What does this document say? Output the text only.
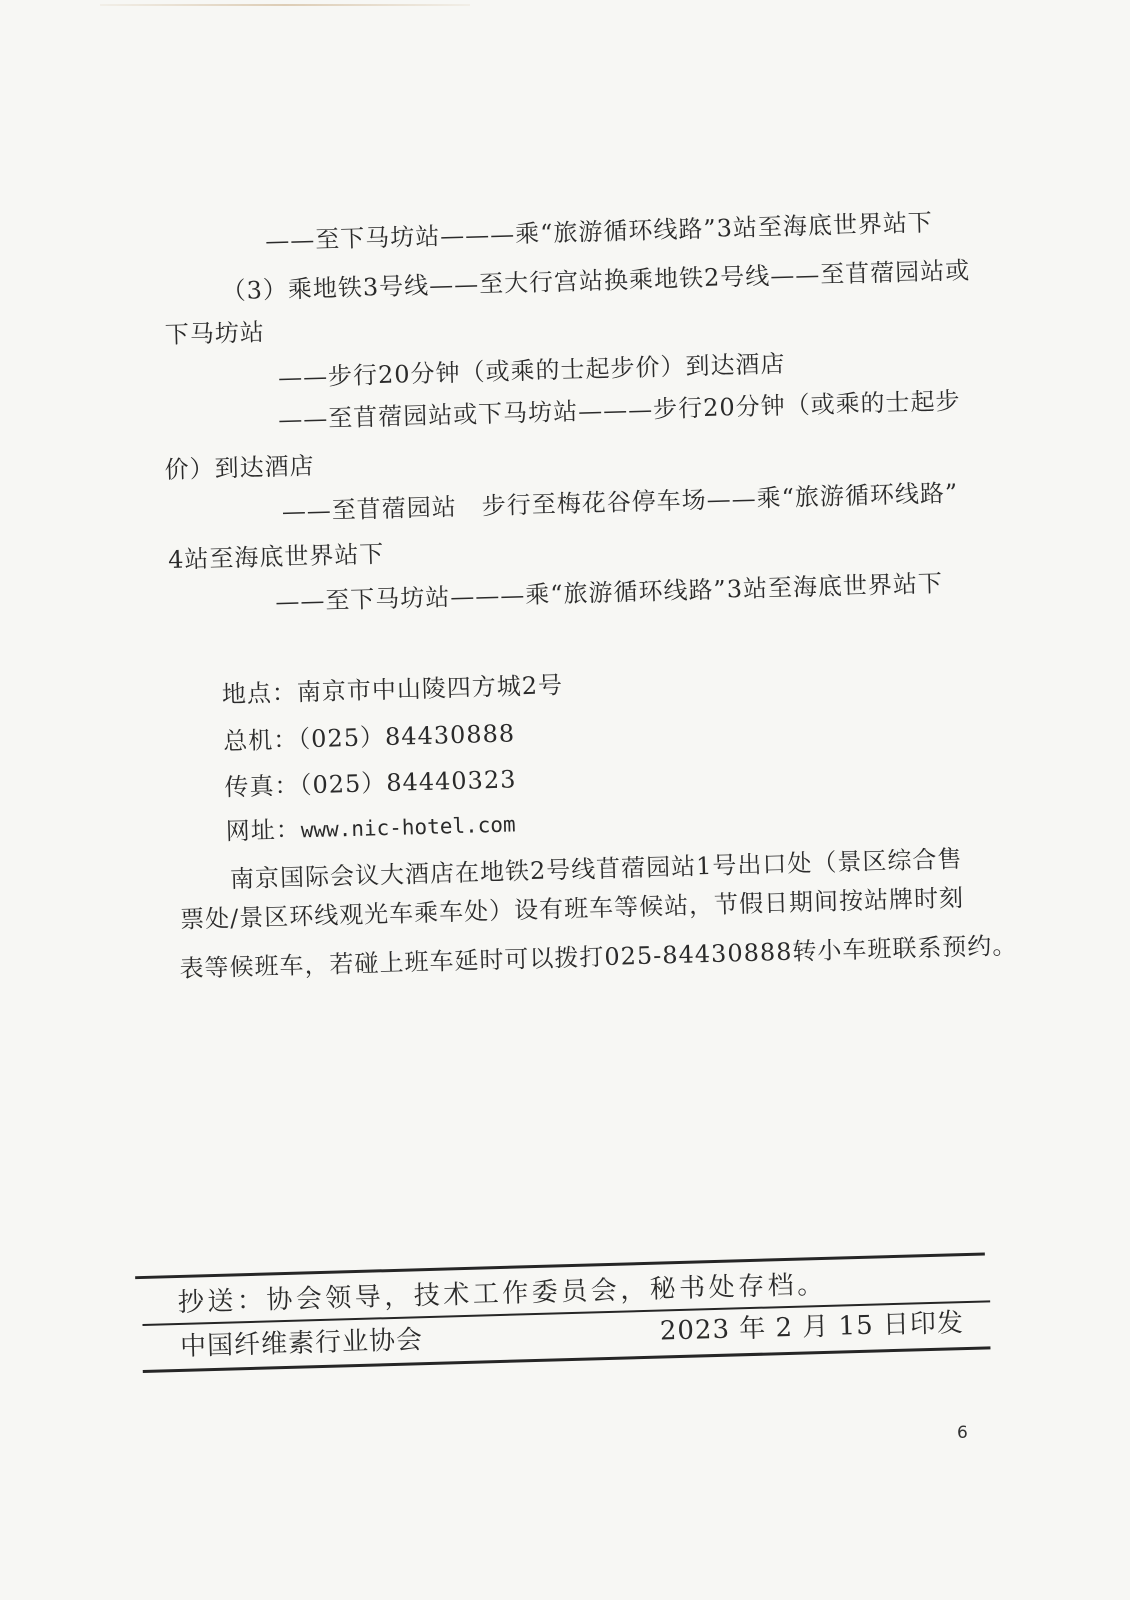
——至下马坊站———乘“旅游循环线路”3站至海底世界站下
（3）乘地铁3号线——至大行宫站换乘地铁2号线——至苜蓿园站或
下马坊站
——步行20分钟（或乘的士起步价）到达酒店
——至苜蓿园站或下马坊站———步行20分钟（或乘的士起步
价）到达酒店
——至苜蓿园站　步行至梅花谷停车场——乘“旅游循环线路”
4站至海底世界站下
——至下马坊站———乘“旅游循环线路”3站至海底世界站下
地点：南京市中山陵四方城2号
总机：（025）84430888
传真：（025）84440323
网址：www.nic-hotel.com
南京国际会议大酒店在地铁2号线苜蓿园站1号出口处（景区综合售
票处/景区环线观光车乘车处）设有班车等候站，节假日期间按站牌时刻
表等候班车，若碰上班车延时可以拨打025-84430888转小车班联系预约。
抄送：协会领导，技术工作委员会，秘书处存档。
中国纤维素行业协会	2023 年 2 月 15 日印发
6
